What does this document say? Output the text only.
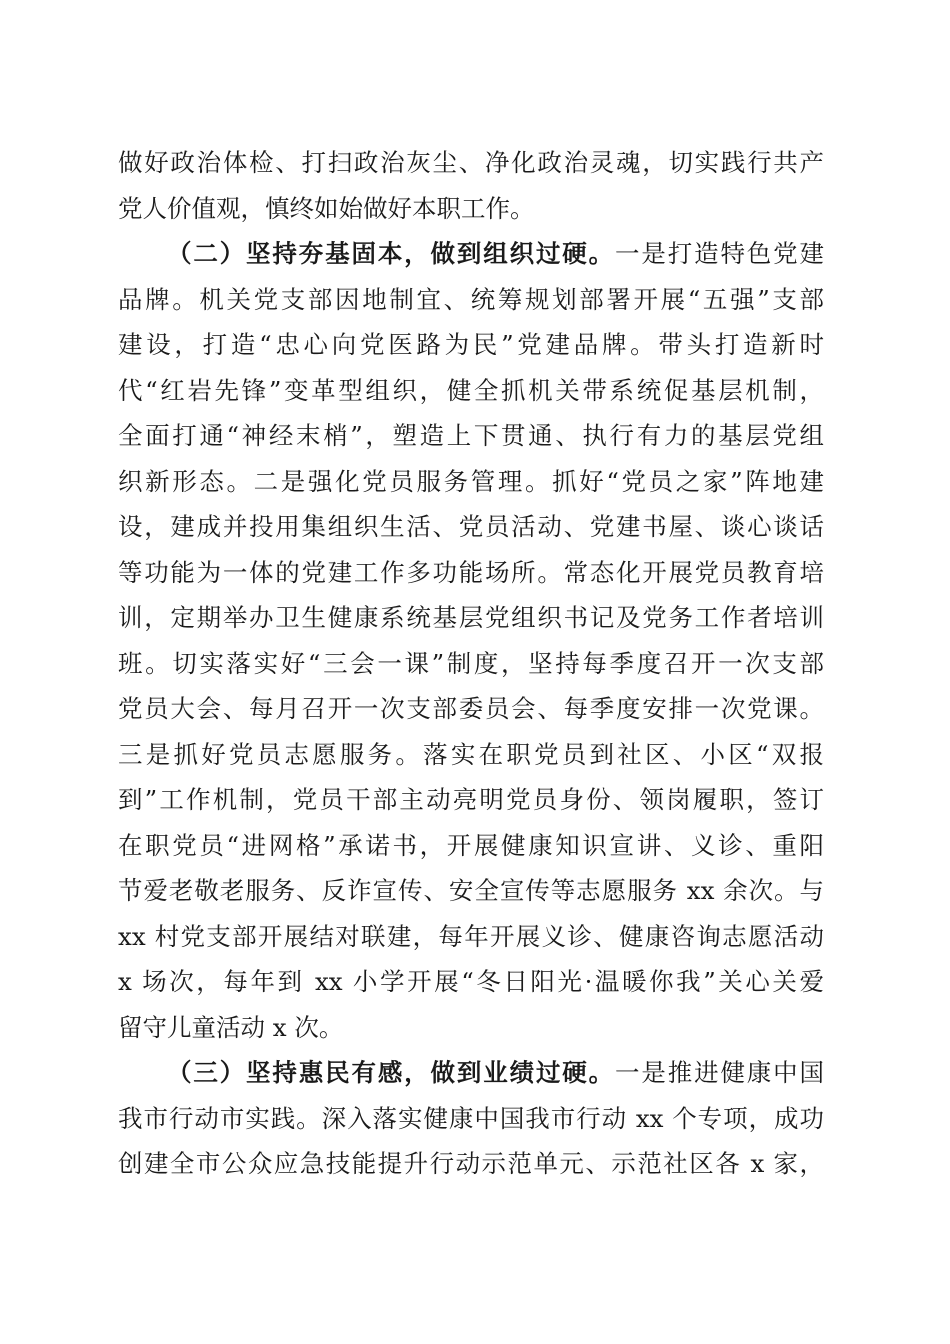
做好政治体检、打扫政治灰尘、净化政治灵魂，切实践行共产
党人价值观，慎终如始做好本职工作。
（二）坚持夯基固本，做到组织过硬。一是打造特色党建
品牌。机关党支部因地制宜、统筹规划部署开展“五强”支部
建设，打造“忠心向党医路为民”党建品牌。带头打造新时
代“红岩先锋”变革型组织，健全抓机关带系统促基层机制，
全面打通“神经末梢”，塑造上下贯通、执行有力的基层党组
织新形态。二是强化党员服务管理。抓好“党员之家”阵地建
设，建成并投用集组织生活、党员活动、党建书屋、谈心谈话
等功能为一体的党建工作多功能场所。常态化开展党员教育培
训，定期举办卫生健康系统基层党组织书记及党务工作者培训
班。切实落实好“三会一课”制度，坚持每季度召开一次支部
党员大会、每月召开一次支部委员会、每季度安排一次党课。
三是抓好党员志愿服务。落实在职党员到社区、小区“双报
到”工作机制，党员干部主动亮明党员身份、领岗履职，签订
在职党员“进网格”承诺书，开展健康知识宣讲、义诊、重阳
节爱老敬老服务、反诈宣传、安全宣传等志愿服务 xx 余次。与
xx 村党支部开展结对联建，每年开展义诊、健康咨询志愿活动
x 场次，每年到 xx 小学开展“冬日阳光·温暖你我”关心关爱
留守儿童活动 x 次。
（三）坚持惠民有感，做到业绩过硬。一是推进健康中国
我市行动市实践。深入落实健康中国我市行动 xx 个专项，成功
创建全市公众应急技能提升行动示范单元、示范社区各 x 家，
